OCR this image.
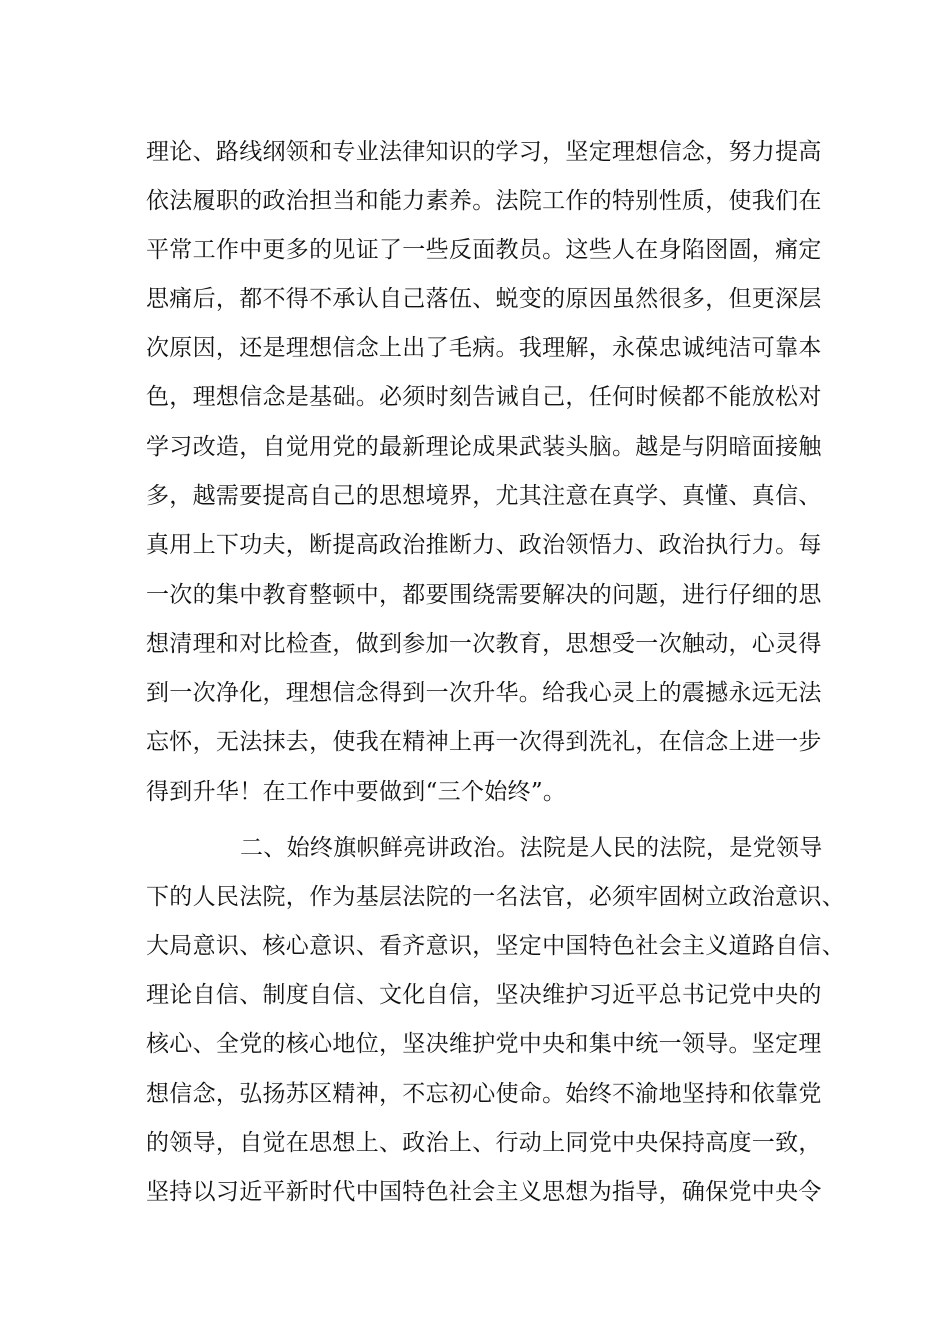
理论、路线纲领和专业法律知识的学习，坚定理想信念，努力提高
依法履职的政治担当和能力素养。法院工作的特别性质，使我们在
平常工作中更多的见证了一些反面教员。这些人在身陷囹圄，痛定
思痛后，都不得不承认自己落伍、蜕变的原因虽然很多，但更深层
次原因，还是理想信念上出了毛病。我理解，永葆忠诚纯洁可靠本
色，理想信念是基础。必须时刻告诫自己，任何时候都不能放松对
学习改造，自觉用党的最新理论成果武装头脑。越是与阴暗面接触
多，越需要提高自己的思想境界，尤其注意在真学、真懂、真信、
真用上下功夫，断提高政治推断力、政治领悟力、政治执行力。每
一次的集中教育整顿中，都要围绕需要解决的问题，进行仔细的思
想清理和对比检查，做到参加一次教育，思想受一次触动，心灵得
到一次净化，理想信念得到一次升华。给我心灵上的震撼永远无法
忘怀，无法抹去，使我在精神上再一次得到洗礼，在信念上进一步
得到升华！在工作中要做到“三个始终”。
二、始终旗帜鲜亮讲政治。法院是人民的法院，是党领导
下的人民法院，作为基层法院的一名法官，必须牢固树立政治意识、
大局意识、核心意识、看齐意识，坚定中国特色社会主义道路自信、
理论自信、制度自信、文化自信，坚决维护习近平总书记党中央的
核心、全党的核心地位，坚决维护党中央和集中统一领导。坚定理
想信念，弘扬苏区精神，不忘初心使命。始终不渝地坚持和依靠党
的领导，自觉在思想上、政治上、行动上同党中央保持高度一致，
坚持以习近平新时代中国特色社会主义思想为指导，确保党中央令
